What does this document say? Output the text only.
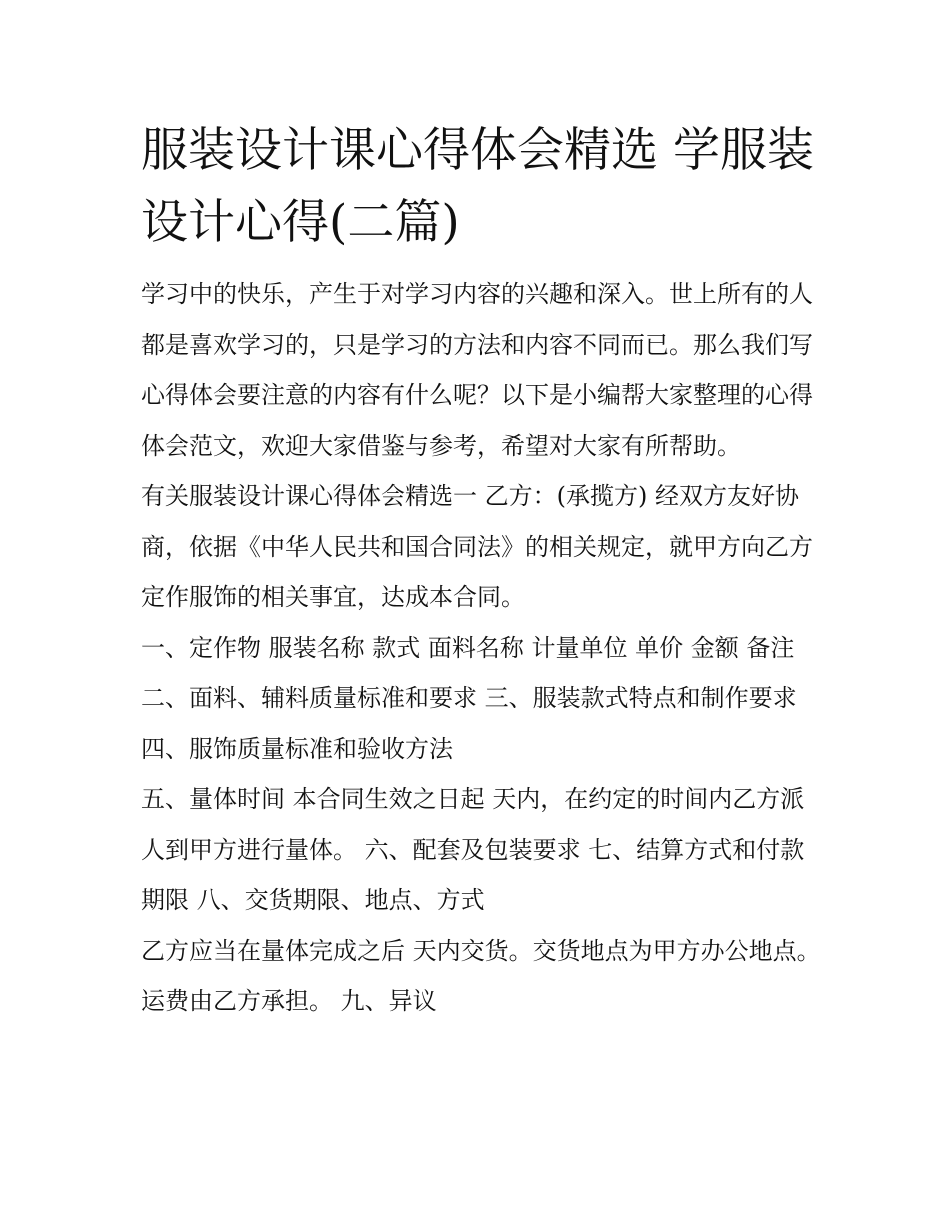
服装设计课心得体会精选 学服装设计心得(二篇)

学习中的快乐，产生于对学习内容的兴趣和深入。世上所有的人都是喜欢学习的，只是学习的方法和内容不同而已。那么我们写心得体会要注意的内容有什么呢？以下是小编帮大家整理的心得体会范文，欢迎大家借鉴与参考，希望对大家有所帮助。

有关服装设计课心得体会精选一 乙方：(承揽方) 经双方友好协商，依据《中华人民共和国合同法》的相关规定，就甲方向乙方定作服饰的相关事宜，达成本合同。

一、定作物 服装名称 款式 面料名称 计量单位 单价 金额 备注 二、面料、辅料质量标准和要求 三、服装款式特点和制作要求 四、服饰质量标准和验收方法

五、量体时间 本合同生效之日起 天内，在约定的时间内乙方派人到甲方进行量体。 六、配套及包装要求 七、结算方式和付款期限 八、交货期限、地点、方式

乙方应当在量体完成之后 天内交货。交货地点为甲方办公地点。运费由乙方承担。 九、异议
